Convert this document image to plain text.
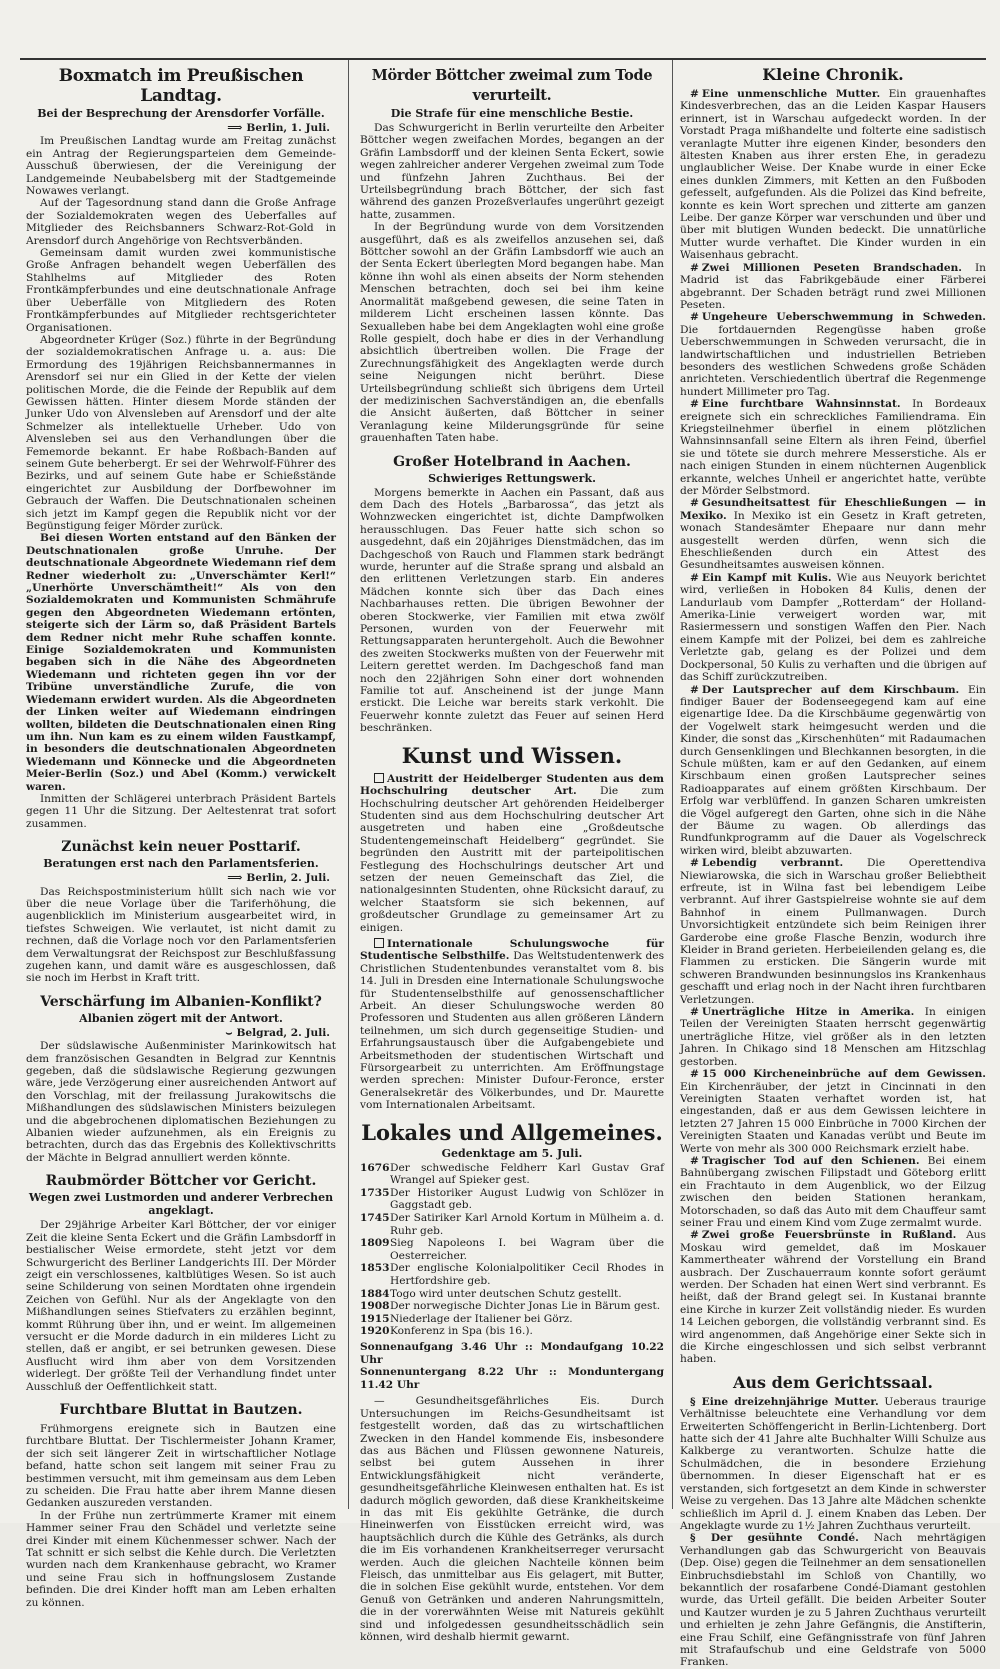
Boxmatch im Preußischen Landtag.
Bei der Besprechung der Arensdorfer Vorfälle.
⟹ Berlin, 1. Juli.

Im Preußischen Landtag wurde am Freitag zunächst ein Antrag der Regierungsparteien dem Gemeinde-Ausschuß überwiesen, der die Vereinigung der Landgemeinde Neubabelsberg mit der Stadtgemeinde Nowawes verlangt.

Auf der Tagesordnung stand dann die Große Anfrage der Sozialdemokraten wegen des Ueberfalles auf Mitglieder des Reichsbanners Schwarz-Rot-Gold in Arensdorf durch Angehörige von Rechtsverbänden.

Gemeinsam damit wurden zwei kommunistische Große Anfragen behandelt wegen Ueberfällen des Stahlhelms auf Mitglieder des Roten Frontkämpferbundes und eine deutschnationale Anfrage über Ueberfälle von Mitgliedern des Roten Frontkämpferbundes auf Mitglieder rechtsgerichteter Organisationen.

Abgeordneter Krüger (Soz.) führte in der Begründung der sozialdemokratischen Anfrage u. a. aus: Die Ermordung des 19jährigen Reichsbannermannes in Arensdorf sei nur ein Glied in der Kette der vielen politischen Morde, die die Feinde der Republik auf dem Gewissen hätten. Hinter diesem Morde ständen der Junker Udo von Alvensleben auf Arensdorf und der alte Schmelzer als intellektuelle Urheber. Udo von Alvensleben sei aus den Verhandlungen über die Fememorde bekannt. Er habe Roßbach-Banden auf seinem Gute beherbergt. Er sei der Wehrwolf-Führer des Bezirks, und auf seinem Gute habe er Schießstände eingerichtet zur Ausbildung der Dorfbewohner im Gebrauch der Waffen. Die Deutschnationalen scheinen sich jetzt im Kampf gegen die Republik nicht vor der Begünstigung feiger Mörder zurück.

Bei diesen Worten entstand auf den Bänken der Deutschnationalen große Unruhe. Der deutschnationale Abgeordnete Wiedemann rief dem Redner wiederholt zu: „Unverschämter Kerl!“ „Unerhörte Unverschämtheit!“ Als von den Sozialdemokraten und Kommunisten Schmährufe gegen den Abgeordneten Wiedemann ertönten, steigerte sich der Lärm so, daß Präsident Bartels dem Redner nicht mehr Ruhe schaffen konnte. Einige Sozialdemokraten und Kommunisten begaben sich in die Nähe des Abgeordneten Wiedemann und richteten gegen ihn vor der Tribüne unverständliche Zurufe, die von Wiedemann erwidert wurden. Als die Abgeordneten der Linken weiter auf Wiedemann eindringen wollten, bildeten die Deutschnationalen einen Ring um ihn. Nun kam es zu einem wilden Faustkampf, in besonders die deutschnationalen Abgeordneten Wiedemann und Könnecke und die Abgeordneten Meier-Berlin (Soz.) und Abel (Komm.) verwickelt waren.

Inmitten der Schlägerei unterbrach Präsident Bartels gegen 11 Uhr die Sitzung. Der Aeltestenrat trat sofort zusammen.

Zunächst kein neuer Posttarif.
Beratungen erst nach den Parlamentsferien.
⟹ Berlin, 2. Juli.

Das Reichspostministerium hüllt sich nach wie vor über die neue Vorlage über die Tariferhöhung, die augenblicklich im Ministerium ausgearbeitet wird, in tiefstes Schweigen. Wie verlautet, ist nicht damit zu rechnen, daß die Vorlage noch vor den Parlamentsferien dem Verwaltungsrat der Reichspost zur Beschlußfassung zugehen kann, und damit wäre es ausgeschlossen, daß sie noch im Herbst in Kraft tritt.

Verschärfung im Albanien-Konflikt?
Albanien zögert mit der Antwort.
⌣ Belgrad, 2. Juli.

Der südslawische Außenminister Marinkowitsch hat dem französischen Gesandten in Belgrad zur Kenntnis gegeben, daß die südslawische Regierung gezwungen wäre, jede Verzögerung einer ausreichenden Antwort auf den Vorschlag, mit der freilassung Jurakowitschs die Mißhandlungen des südslawischen Ministers beizulegen und die abgebrochenen diplomatischen Beziehungen zu Albanien wieder aufzunehmen, als ein Ereignis zu betrachten, durch das das Ergebnis des Kollektivschritts der Mächte in Belgrad annulliert werden könnte.

Raubmörder Böttcher vor Gericht.
Wegen zwei Lustmorden und anderer Verbrechen angeklagt.

Der 29jährige Arbeiter Karl Böttcher, der vor einiger Zeit die kleine Senta Eckert und die Gräfin Lambsdorff in bestialischer Weise ermordete, steht jetzt vor dem Schwurgericht des Berliner Landgerichts III. Der Mörder zeigt ein verschlossenes, kaltblütiges Wesen. So ist auch seine Schilderung von seinen Mordtaten ohne irgendein Zeichen von Gefühl. Nur als der Angeklagte von den Mißhandlungen seines Stiefvaters zu erzählen beginnt, kommt Rührung über ihn, und er weint. Im allgemeinen versucht er die Morde dadurch in ein milderes Licht zu stellen, daß er angibt, er sei betrunken gewesen. Diese Ausflucht wird ihm aber von dem Vorsitzenden widerlegt. Der größte Teil der Verhandlung findet unter Ausschluß der Oeffentlichkeit statt.

Furchtbare Bluttat in Bautzen.

Frühmorgens ereignete sich in Bautzen eine furchtbare Bluttat. Der Tischlermeister Johann Kramer, der sich seit längerer Zeit in wirtschaftlicher Notlage befand, hatte schon seit langem mit seiner Frau zu bestimmen versucht, mit ihm gemeinsam aus dem Leben zu scheiden. Die Frau hatte aber ihrem Manne diesen Gedanken auszureden verstanden.

In der Frühe nun zertrümmerte Kramer mit einem Hammer seiner Frau den Schädel und verletzte seine drei Kinder mit einem Küchenmesser schwer. Nach der Tat schnitt er sich selbst die Kehle durch. Die Verletzten wurden nach dem Krankenhause gebracht, wo Kramer und seine Frau sich in hoffnungslosem Zustande befinden. Die drei Kinder hofft man am Leben erhalten zu können.

Mörder Böttcher zweimal zum Tode verurteilt.
Die Strafe für eine menschliche Bestie.

Das Schwurgericht in Berlin verurteilte den Arbeiter Böttcher wegen zweifachen Mordes, begangen an der Gräfin Lambsdorff und der kleinen Senta Eckert, sowie wegen zahlreicher anderer Vergehen zweimal zum Tode und fünfzehn Jahren Zuchthaus. Bei der Urteilsbegründung brach Böttcher, der sich fast während des ganzen Prozeßverlaufes ungerührt gezeigt hatte, zusammen.

In der Begründung wurde von dem Vorsitzenden ausgeführt, daß es als zweifellos anzusehen sei, daß Böttcher sowohl an der Gräfin Lambsdorff wie auch an der Senta Eckert überlegten Mord begangen habe. Man könne ihn wohl als einen abseits der Norm stehenden Menschen betrachten, doch sei bei ihm keine Anormalität maßgebend gewesen, die seine Taten in milderem Licht erscheinen lassen könnte. Das Sexualleben habe bei dem Angeklagten wohl eine große Rolle gespielt, doch habe er dies in der Verhandlung absichtlich übertreiben wollen. Die Frage der Zurechnungsfähigkeit des Angeklagten werde durch seine Neigungen nicht berührt. Diese Urteilsbegründung schließt sich übrigens dem Urteil der medizinischen Sachverständigen an, die ebenfalls die Ansicht äußerten, daß Böttcher in seiner Veranlagung keine Milderungsgründe für seine grauenhaften Taten habe.

Großer Hotelbrand in Aachen.
Schwieriges Rettungswerk.

Morgens bemerkte in Aachen ein Passant, daß aus dem Dach des Hotels „Barbarossa“, das jetzt als Wohnzwecken eingerichtet ist, dichte Dampfwolken herausschlugen. Das Feuer hatte sich schon so ausgedehnt, daß ein 20jähriges Dienstmädchen, das im Dachgeschoß von Rauch und Flammen stark bedrängt wurde, herunter auf die Straße sprang und alsbald an den erlittenen Verletzungen starb. Ein anderes Mädchen konnte sich über das Dach eines Nachbarhauses retten. Die übrigen Bewohner der oberen Stockwerke, vier Familien mit etwa zwölf Personen, wurden von der Feuerwehr mit Rettungsapparaten heruntergeholt. Auch die Bewohner des zweiten Stockwerks mußten von der Feuerwehr mit Leitern gerettet werden. Im Dachgeschoß fand man noch den 22jährigen Sohn einer dort wohnenden Familie tot auf. Anscheinend ist der junge Mann erstickt. Die Leiche war bereits stark verkohlt. Die Feuerwehr konnte zuletzt das Feuer auf seinen Herd beschränken.

Kunst und Wissen.

Austritt der Heidelberger Studenten aus dem Hochschulring deutscher Art. Die zum Hochschulring deutscher Art gehörenden Heidelberger Studenten sind aus dem Hochschulring deutscher Art ausgetreten und haben eine „Großdeutsche Studentengemeinschaft Heidelberg“ gegründet. Sie begründen den Austritt mit der parteipolitischen Festlegung des Hochschulrings deutscher Art und setzen der neuen Gemeinschaft das Ziel, die nationalgesinnten Studenten, ohne Rücksicht darauf, zu welcher Staatsform sie sich bekennen, auf großdeutscher Grundlage zu gemeinsamer Art zu einigen.

Internationale Schulungswoche für Studentische Selbsthilfe. Das Weltstudentenwerk des Christlichen Studentenbundes veranstaltet vom 8. bis 14. Juli in Dresden eine Internationale Schulungswoche für Studentenselbsthilfe auf genossenschaftlicher Arbeit. An dieser Schulungswoche werden 80 Professoren und Studenten aus allen größeren Ländern teilnehmen, um sich durch gegenseitige Studien- und Erfahrungsaustausch über die Aufgabengebiete und Arbeitsmethoden der studentischen Wirtschaft und Fürsorgearbeit zu unterrichten. Am Eröffnungstage werden sprechen: Minister Dufour-Feronce, erster Generalsekretär des Völkerbundes, und Dr. Maurette vom Internationalen Arbeitsamt.

Lokales und Allgemeines.
Gedenktage am 5. Juli.
1676	Der schwedische Feldherr Karl Gustav Graf Wrangel auf Spieker gest.
1735	Der Historiker August Ludwig von Schlözer in Gaggstadt geb.
1745	Der Satiriker Karl Arnold Kortum in Mülheim a. d. Ruhr geb.
1809	Sieg Napoleons I. bei Wagram über die Oesterreicher.
1853	Der englische Kolonialpolitiker Cecil Rhodes in Hertfordshire geb.
1884	Togo wird unter deutschen Schutz gestellt.
1908	Der norwegische Dichter Jonas Lie in Bärum gest.
1915	Niederlage der Italiener bei Görz.
1920	Konferenz in Spa (bis 16.).
Sonnenaufgang 3.46 Uhr :: Mondaufgang 10.22 Uhr
Sonnenuntergang 8.22 Uhr :: Monduntergang 11.42 Uhr

— Gesundheitsgefährliches Eis. Durch Untersuchungen im Reichs-Gesundheitsamt ist festgestellt worden, daß das zu wirtschaftlichen Zwecken in den Handel kommende Eis, insbesondere das aus Bächen und Flüssen gewonnene Natureis, selbst bei gutem Aussehen in ihrer Entwicklungsfähigkeit nicht veränderte, gesundheitsgefährliche Kleinwesen enthalten hat. Es ist dadurch möglich geworden, daß diese Krankheitskeime in das mit Eis gekühlte Getränke, die durch Hineinwerfen von Eisstücken erreicht wird, was hauptsächlich durch die Kühle des Getränks, als durch die im Eis vorhandenen Krankheitserreger verursacht werden. Auch die gleichen Nachteile können beim Fleisch, das unmittelbar aus Eis gelagert, mit Butter, die in solchen Eise gekühlt wurde, entstehen. Vor dem Genuß von Getränken und anderen Nahrungsmitteln, die in der vorerwähnten Weise mit Natureis gekühlt sind und infolgedessen gesundheitsschädlich sein können, wird deshalb hiermit gewarnt.

Kleine Chronik.

# Eine unmenschliche Mutter. Ein grauenhaftes Kindesverbrechen, das an die Leiden Kaspar Hausers erinnert, ist in Warschau aufgedeckt worden. In der Vorstadt Praga mißhandelte und folterte eine sadistisch veranlagte Mutter ihre eigenen Kinder, besonders den ältesten Knaben aus ihrer ersten Ehe, in geradezu unglaublicher Weise. Der Knabe wurde in einer Ecke eines dunklen Zimmers, mit Ketten an den Fußboden gefesselt, aufgefunden. Als die Polizei das Kind befreite, konnte es kein Wort sprechen und zitterte am ganzen Leibe. Der ganze Körper war verschunden und über und über mit blutigen Wunden bedeckt. Die unnatürliche Mutter wurde verhaftet. Die Kinder wurden in ein Waisenhaus gebracht.

# Zwei Millionen Peseten Brandschaden. In Madrid ist das Fabrikgebäude einer Färberei abgebrannt. Der Schaden beträgt rund zwei Millionen Peseten.

# Ungeheure Ueberschwemmung in Schweden. Die fortdauernden Regengüsse haben große Ueberschwemmungen in Schweden verursacht, die in landwirtschaftlichen und industriellen Betrieben besonders des westlichen Schwedens große Schäden anrichteten. Verschiedentlich übertraf die Regenmenge hundert Millimeter pro Tag.

# Eine furchtbare Wahnsinnstat. In Bordeaux ereignete sich ein schreckliches Familiendrama. Ein Kriegsteilnehmer überfiel in einem plötzlichen Wahnsinnsanfall seine Eltern als ihren Feind, überfiel sie und tötete sie durch mehrere Messerstiche. Als er nach einigen Stunden in einem nüchternen Augenblick erkannte, welches Unheil er angerichtet hatte, verübte der Mörder Selbstmord.

# Gesundheitsattest für Eheschließungen — in Mexiko. In Mexiko ist ein Gesetz in Kraft getreten, wonach Standesämter Ehepaare nur dann mehr ausgestellt werden dürfen, wenn sich die Eheschließenden durch ein Attest des Gesundheitsamtes ausweisen können.

# Ein Kampf mit Kulis. Wie aus Neuyork berichtet wird, verließen in Hoboken 84 Kulis, denen der Landurlaub vom Dampfer „Rotterdam“ der Holland-Amerika-Linie verweigert worden war, mit Rasiermessern und sonstigen Waffen den Pier. Nach einem Kampfe mit der Polizei, bei dem es zahlreiche Verletzte gab, gelang es der Polizei und dem Dockpersonal, 50 Kulis zu verhaften und die übrigen auf das Schiff zurückzutreiben.

# Der Lautsprecher auf dem Kirschbaum. Ein findiger Bauer der Bodenseegegend kam auf eine eigenartige Idee. Da die Kirschbäume gegenwärtig von der Vogelwelt stark heimgesucht werden und die Kinder, die sonst das „Kirschenhüten“ mit Radaumachen durch Gensenklingen und Blechkannen besorgten, in die Schule müßten, kam er auf den Gedanken, auf einem Kirschbaum einen großen Lautsprecher seines Radioapparates auf einem größten Kirschbaum. Der Erfolg war verblüffend. In ganzen Scharen umkreisten die Vögel aufgeregt den Garten, ohne sich in die Nähe der Bäume zu wagen. Ob allerdings das Rundfunkprogramm auf die Dauer als Vogelschreck wirken wird, bleibt abzuwarten.

# Lebendig verbrannt. Die Operettendiva Niewiarowska, die sich in Warschau großer Beliebtheit erfreute, ist in Wilna fast bei lebendigem Leibe verbrannt. Auf ihrer Gastspielreise wohnte sie auf dem Bahnhof in einem Pullmanwagen. Durch Unvorsichtigkeit entzündete sich beim Reinigen ihrer Garderobe eine große Flasche Benzin, wodurch ihre Kleider in Brand gerieten. Herbeieilenden gelang es, die Flammen zu ersticken. Die Sängerin wurde mit schweren Brandwunden besinnungslos ins Krankenhaus geschafft und erlag noch in der Nacht ihren furchtbaren Verletzungen.

# Unerträgliche Hitze in Amerika. In einigen Teilen der Vereinigten Staaten herrscht gegenwärtig unerträgliche Hitze, viel größer als in den letzten Jahren. In Chikago sind 18 Menschen am Hitzschlag gestorben.

# 15 000 Kircheneinbrüche auf dem Gewissen. Ein Kirchenräuber, der jetzt in Cincinnati in den Vereinigten Staaten verhaftet worden ist, hat eingestanden, daß er aus dem Gewissen leichtere in letzten 27 Jahren 15 000 Einbrüche in 7000 Kirchen der Vereinigten Staaten und Kanadas verübt und Beute im Werte von mehr als 300 000 Reichsmark erzielt habe.

# Tragischer Tod auf den Schienen. Bei einem Bahnübergang zwischen Filipstadt und Göteborg erlitt ein Frachtauto in dem Augenblick, wo der Eilzug zwischen den beiden Stationen herankam, Motorschaden, so daß das Auto mit dem Chauffeur samt seiner Frau und einem Kind vom Zuge zermalmt wurde.

# Zwei große Feuersbrünste in Rußland. Aus Moskau wird gemeldet, daß im Moskauer Kammertheater während der Vorstellung ein Brand ausbrach. Der Zuschauerraum konnte sofort geräumt werden. Der Schaden hat einen Wert sind verbrannt. Es heißt, daß der Brand gelegt sei. In Kustanai brannte eine Kirche in kurzer Zeit vollständig nieder. Es wurden 14 Leichen geborgen, die vollständig verbrannt sind. Es wird angenommen, daß Angehörige einer Sekte sich in die Kirche eingeschlossen und sich selbst verbrannt haben.

Aus dem Gerichtssaal.

§ Eine dreizehnjährige Mutter. Ueberaus traurige Verhältnisse beleuchtete eine Verhandlung vor dem Erweiterten Schöffengericht in Berlin-Lichtenberg. Dort hatte sich der 41 Jahre alte Buchhalter Willi Schulze aus Kalkberge zu verantworten. Schulze hatte die Schulmädchen, die in besondere Erziehung übernommen. In dieser Eigenschaft hat er es verstanden, sich fortgesetzt an dem Kinde in schwerster Weise zu vergehen. Das 13 Jahre alte Mädchen schenkte schließlich im April d. J. einem Knaben das Leben. Der Angeklagte wurde zu 1½ Jahren Zuchthaus verurteilt.

§ Der gesühnte Condé. Nach mehrtägigen Verhandlungen gab das Schwurgericht von Beauvais (Dep. Oise) gegen die Teilnehmer an dem sensationellen Einbruchsdiebstahl im Schloß von Chantilly, wo bekanntlich der rosafarbene Condé-Diamant gestohlen wurde, das Urteil gefällt. Die beiden Arbeiter Souter und Kautzer wurden je zu 5 Jahren Zuchthaus verurteilt und erhielten je zehn Jahre Gefängnis, die Anstifterin, eine Frau Schilf, eine Gefängnisstrafe von fünf Jahren mit Strafaufschub und eine Geldstrafe von 5000 Franken.
